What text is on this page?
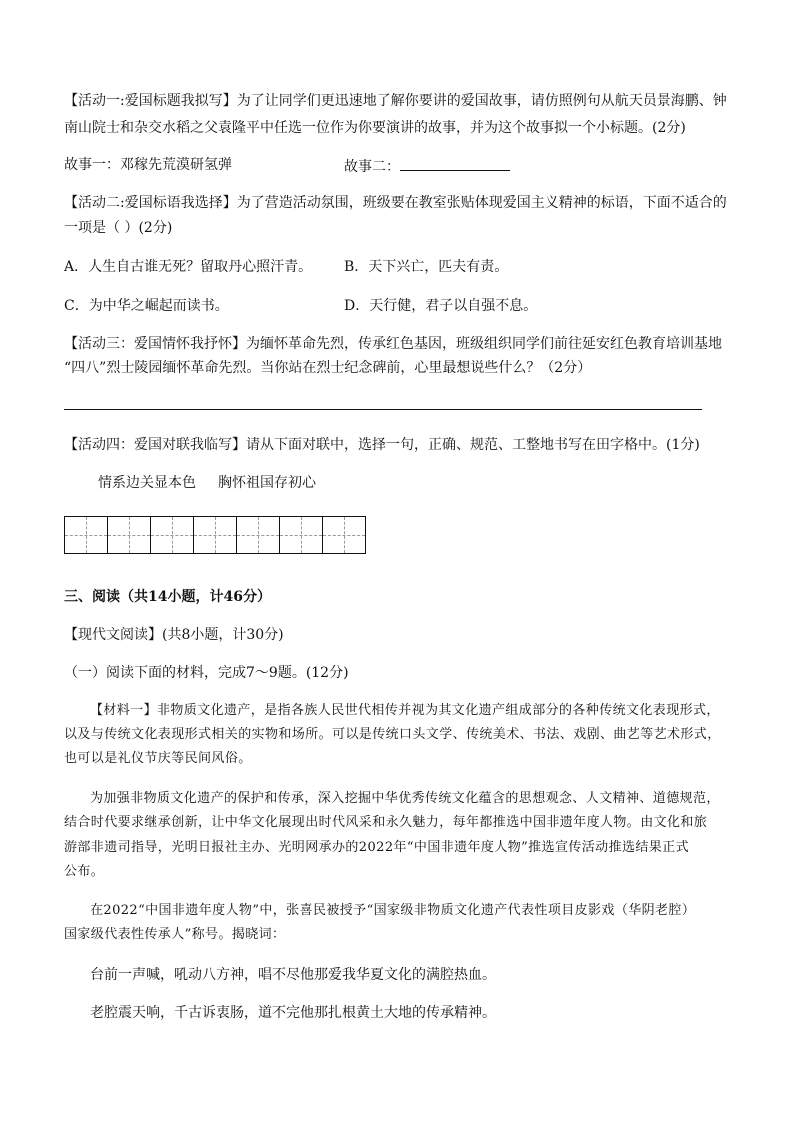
【活动一:爱国标题我拟写】为了让同学们更迅速地了解你要讲的爱国故事，请仿照例句从航天员景海鹏、钟
南山院士和杂交水稻之父袁隆平中任选一位作为你要演讲的故事，并为这个故事拟一个小标题。(2分)
故事一：邓稼先荒漠研氢弹	故事二：
【活动二:爱国标语我选择】为了营造活动氛围，班级要在教室张贴体现爱国主义精神的标语，下面不适合的
一项是（ ）(2分)
A．人生自古谁无死？留取丹心照汗青。 B．天下兴亡，匹夫有责。
C．为中华之崛起而读书。	D．天行健，君子以自强不息。
【活动三：爱国情怀我抒怀】为缅怀革命先烈，传承红色基因，班级组织同学们前往延安红色教育培训基地
“四八”烈士陵园缅怀革命先烈。当你站在烈士纪念碑前，心里最想说些什么？（2分）
【活动四：爱国对联我临写】请从下面对联中，选择一句，正确、规范、工整地书写在田字格中。(1分)
情系边关显本色 胸怀祖国存初心
三、阅读（共14小题，计46分）
【现代文阅读】(共8小题，计30分)
（一）阅读下面的材料，完成7～9题。(12分)
【材料一】非物质文化遗产，是指各族人民世代相传并视为其文化遗产组成部分的各种传统文化表现形式，
以及与传统文化表现形式相关的实物和场所。可以是传统口头文学、传统美术、书法、戏剧、曲艺等艺术形式，
也可以是礼仪节庆等民间风俗。
为加强非物质文化遗产的保护和传承，深入挖掘中华优秀传统文化蕴含的思想观念、人文精神、道德规范，
结合时代要求继承创新，让中华文化展现出时代风采和永久魅力，每年都推选中国非遗年度人物。由文化和旅
游部非遗司指导，光明日报社主办、光明网承办的2022年“中国非遗年度人物”推选宣传活动推选结果正式
公布。
在2022“中国非遗年度人物”中，张喜民被授予“国家级非物质文化遗产代表性项目皮影戏（华阴老腔）
国家级代表性传承人”称号。揭晓词：
台前一声喊，吼动八方神，唱不尽他那爱我华夏文化的满腔热血。
老腔震天响，千古诉衷肠，道不完他那扎根黄土大地的传承精神。
